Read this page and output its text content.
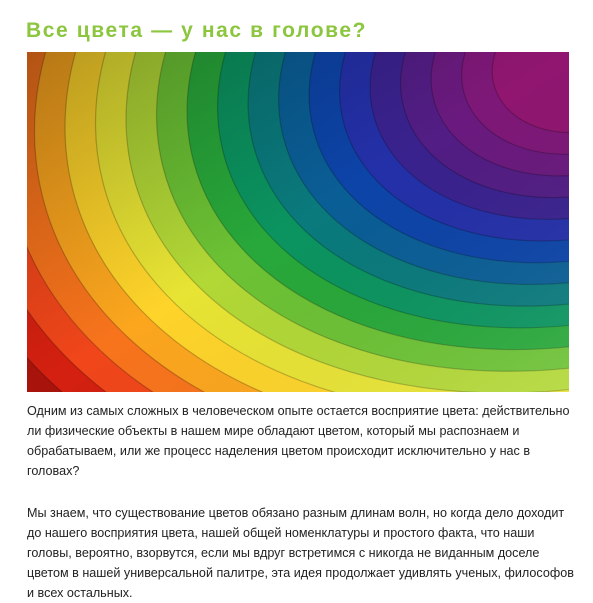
Все цвета — у нас в голове?

Одним из самых сложных в человеческом опыте остается восприятие цвета: действительно ли физические объекты в нашем мире обладают цветом, который мы распознаем и обрабатываем, или же процесс наделения цветом происходит исключительно у нас в головах?

Мы знаем, что существование цветов обязано разным длинам волн, но когда дело доходит до нашего восприятия цвета, нашей общей номенклатуры и простого факта, что наши головы, вероятно, взорвутся, если мы вдруг встретимся с никогда не виданным доселе цветом в нашей универсальной палитре, эта идея продолжает удивлять ученых, философов и всех остальных.
